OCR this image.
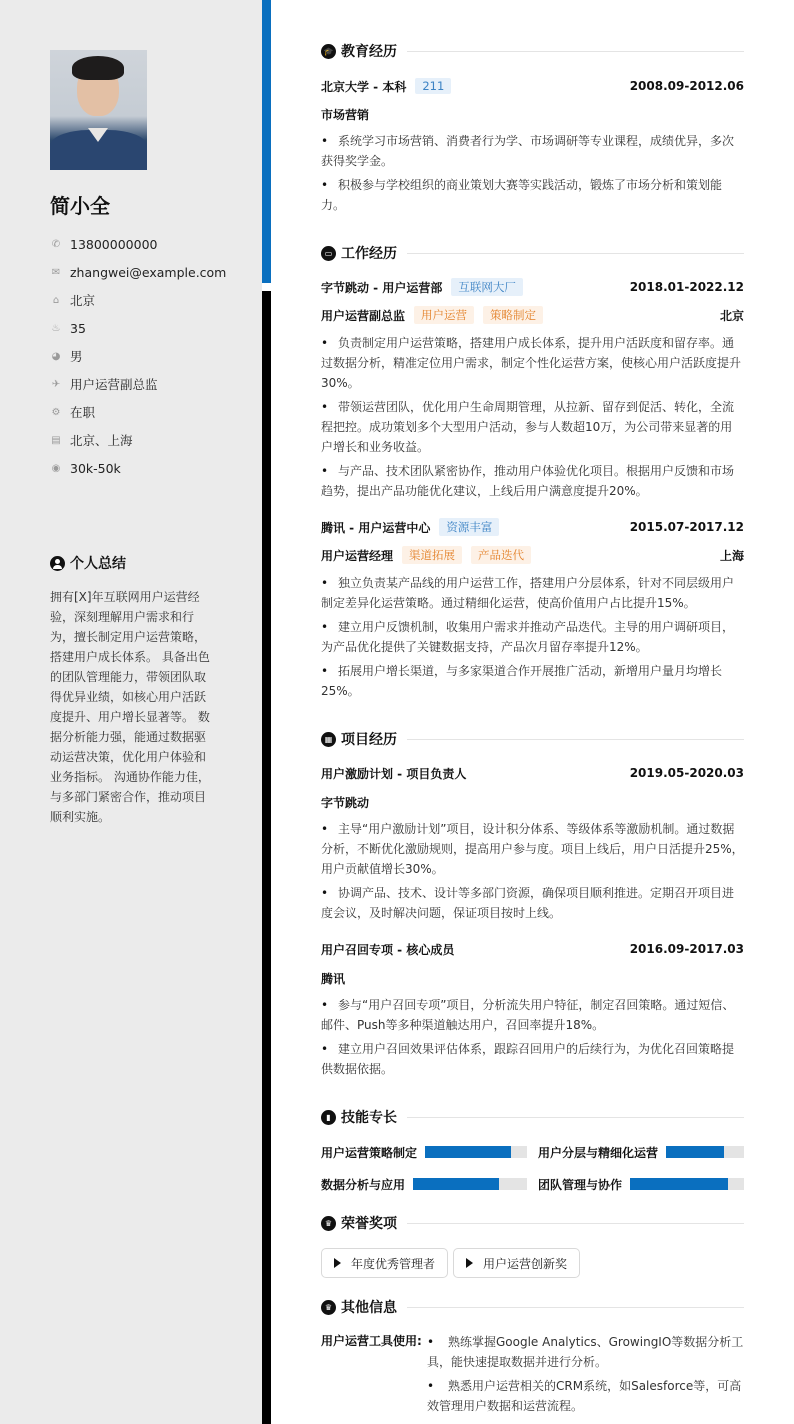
简小全
✆ 13800000000
✉ zhangwei@example.com
⌂ 北京
♨ 35
◕ 男
✈ 用户运营副总监
⚙ 在职
▤ 北京、上海
◉ 30k-50k
个人总结
拥有[X]年互联网用户运营经验，深刻理解用户需求和行为，擅长制定用户运营策略，搭建用户成长体系。 具备出色的团队管理能力，带领团队取得优异业绩，如核心用户活跃度提升、用户增长显著等。 数据分析能力强，能通过数据驱动运营决策，优化用户体验和业务指标。 沟通协作能力佳，与多部门紧密合作，推动项目顺利实施。
🎓 教育经历
北京大学 - 本科	211	2008.09-2012.06
市场营销
• 系统学习市场营销、消费者行为学、市场调研等专业课程，成绩优异，多次获得奖学金。
• 积极参与学校组织的商业策划大赛等实践活动，锻炼了市场分析和策划能力。
▭ 工作经历
字节跳动 - 用户运营部	互联网大厂	2018.01-2022.12
用户运营副总监	用户运营	策略制定	北京
• 负责制定用户运营策略，搭建用户成长体系，提升用户活跃度和留存率。通过数据分析，精准定位用户需求，制定个性化运营方案，使核心用户活跃度提升30%。
• 带领运营团队，优化用户生命周期管理，从拉新、留存到促活、转化，全流程把控。成功策划多个大型用户活动，参与人数超10万，为公司带来显著的用户增长和业务收益。
• 与产品、技术团队紧密协作，推动用户体验优化项目。根据用户反馈和市场趋势，提出产品功能优化建议，上线后用户满意度提升20%。
腾讯 - 用户运营中心	资源丰富	2015.07-2017.12
用户运营经理	渠道拓展	产品迭代	上海
• 独立负责某产品线的用户运营工作，搭建用户分层体系，针对不同层级用户制定差异化运营策略。通过精细化运营，使高价值用户占比提升15%。
• 建立用户反馈机制，收集用户需求并推动产品迭代。主导的用户调研项目，为产品优化提供了关键数据支持，产品次月留存率提升12%。
• 拓展用户增长渠道，与多家渠道合作开展推广活动，新增用户量月均增长25%。
▦ 项目经历
用户激励计划 - 项目负责人	2019.05-2020.03
字节跳动
• 主导“用户激励计划”项目，设计积分体系、等级体系等激励机制。通过数据分析，不断优化激励规则，提高用户参与度。项目上线后，用户日活提升25%，用户贡献值增长30%。
• 协调产品、技术、设计等多部门资源，确保项目顺利推进。定期召开项目进度会议，及时解决问题，保证项目按时上线。
用户召回专项 - 核心成员	2016.09-2017.03
腾讯
• 参与“用户召回专项”项目，分析流失用户特征，制定召回策略。通过短信、邮件、Push等多种渠道触达用户，召回率提升18%。
• 建立用户召回效果评估体系，跟踪召回用户的后续行为，为优化召回策略提供数据依据。
▮ 技能专长
用户运营策略制定	用户分层与精细化运营
数据分析与应用	团队管理与协作
♛ 荣誉奖项
年度优秀管理者	用户运营创新奖
♛ 其他信息
用户运营工具使用: • 熟练掌握Google Analytics、GrowingIO等数据分析工具，能快速提取数据并进行分析。
• 熟悉用户运营相关的CRM系统，如Salesforce等，可高效管理用户数据和运营流程。
